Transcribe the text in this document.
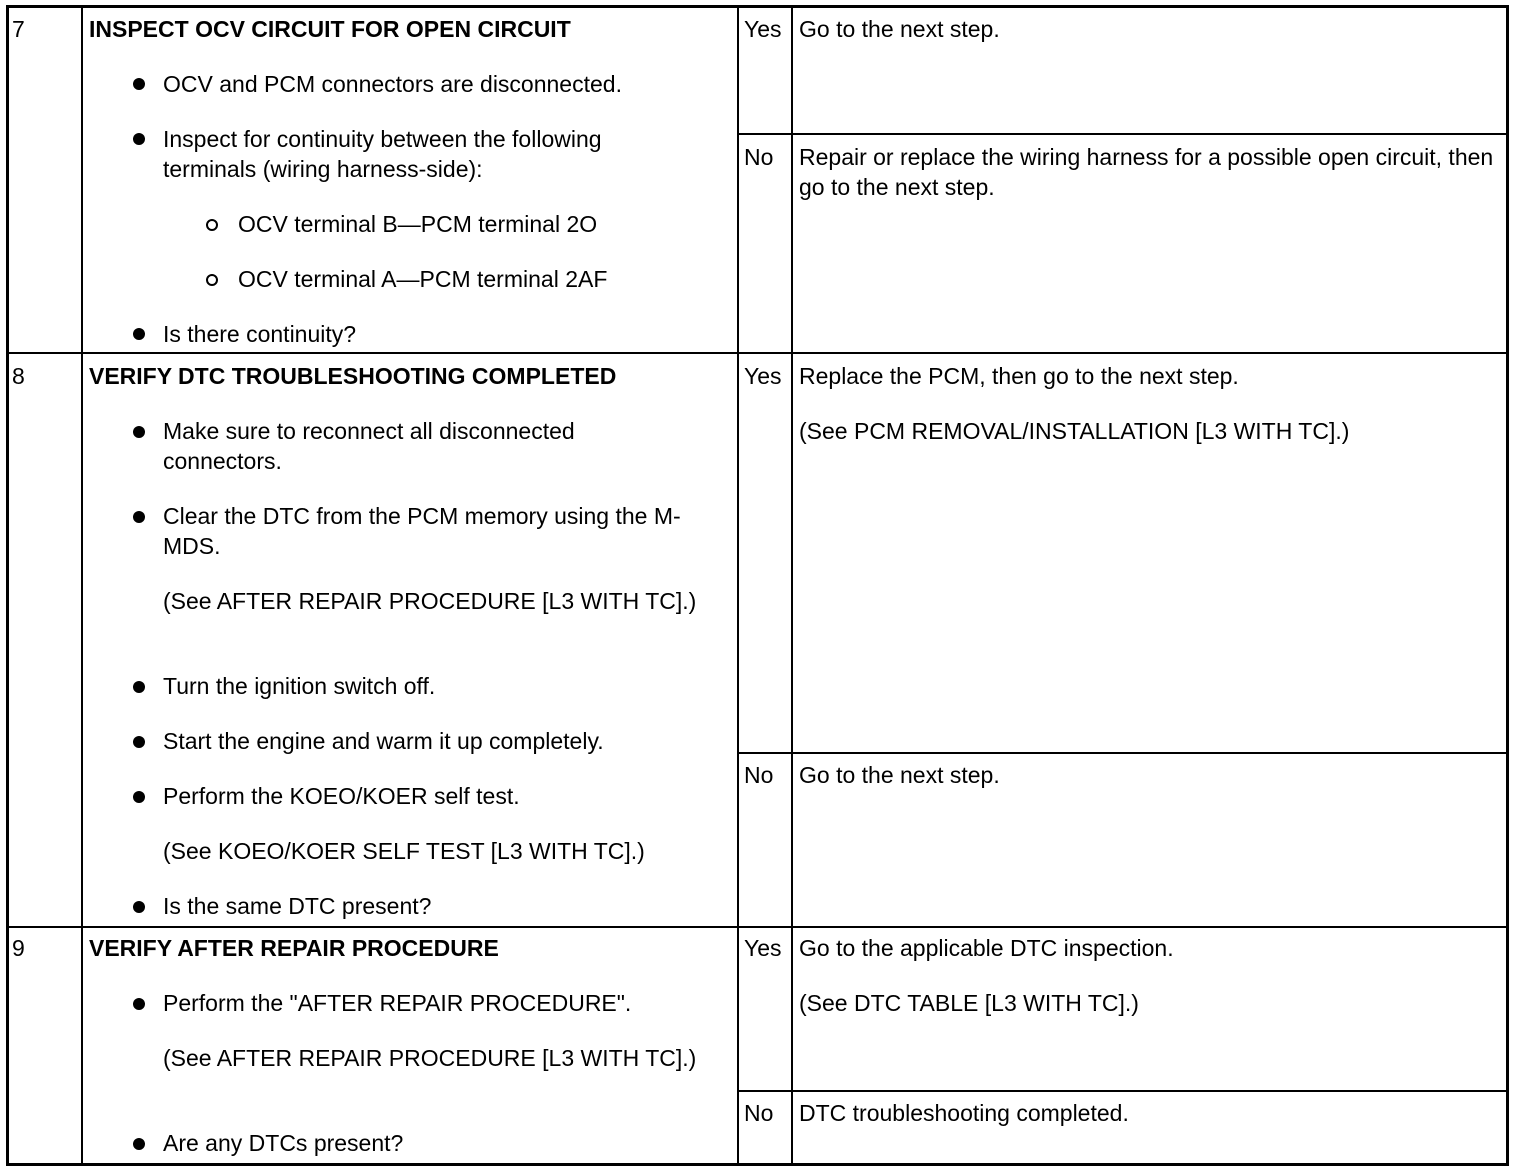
7	INSPECT OCV CIRCUIT FOR OPEN CIRCUIT
OCV and PCM connectors are disconnected.
Inspect for continuity between the following terminals (wiring harness-side):
OCV terminal B—PCM terminal 2O
OCV terminal A—PCM terminal 2AF
Is there continuity?
Yes Go to the next step.
No Repair or replace the wiring harness for a possible open circuit, then go to the next step.
8	VERIFY DTC TROUBLESHOOTING COMPLETED
Make sure to reconnect all disconnected connectors.
Clear the DTC from the PCM memory using the M-MDS.
(See AFTER REPAIR PROCEDURE [L3 WITH TC].)
Turn the ignition switch off.
Start the engine and warm it up completely.
Perform the KOEO/KOER self test.
(See KOEO/KOER SELF TEST [L3 WITH TC].)
Is the same DTC present?
Yes Replace the PCM, then go to the next step.
(See PCM REMOVAL/INSTALLATION [L3 WITH TC].)
No Go to the next step.
9	VERIFY AFTER REPAIR PROCEDURE
Perform the "AFTER REPAIR PROCEDURE".
(See AFTER REPAIR PROCEDURE [L3 WITH TC].)
Are any DTCs present?
Yes Go to the applicable DTC inspection.
(See DTC TABLE [L3 WITH TC].)
No DTC troubleshooting completed.
